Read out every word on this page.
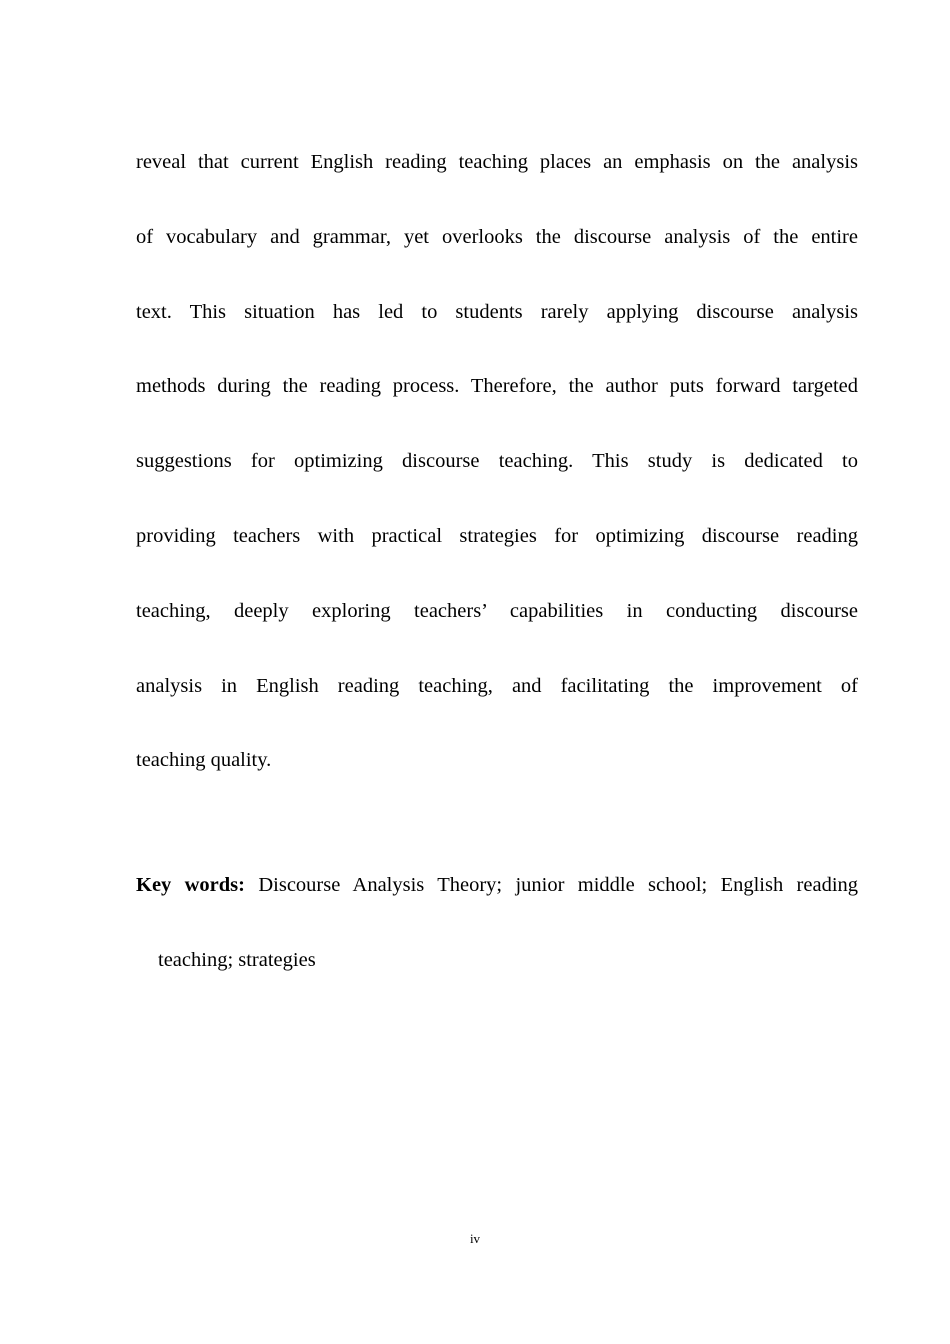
reveal that current English reading teaching places an emphasis on the analysis
of vocabulary and grammar, yet overlooks the discourse analysis of the entire
text. This situation has led to students rarely applying discourse analysis
methods during the reading process. Therefore, the author puts forward targeted
suggestions for optimizing discourse teaching. This study is dedicated to
providing teachers with practical strategies for optimizing discourse reading
teaching, deeply exploring teachers’ capabilities in conducting discourse
analysis in English reading teaching, and facilitating the improvement of
teaching quality.
Key words: Discourse Analysis Theory; junior middle school; English reading
teaching; strategies
iv
